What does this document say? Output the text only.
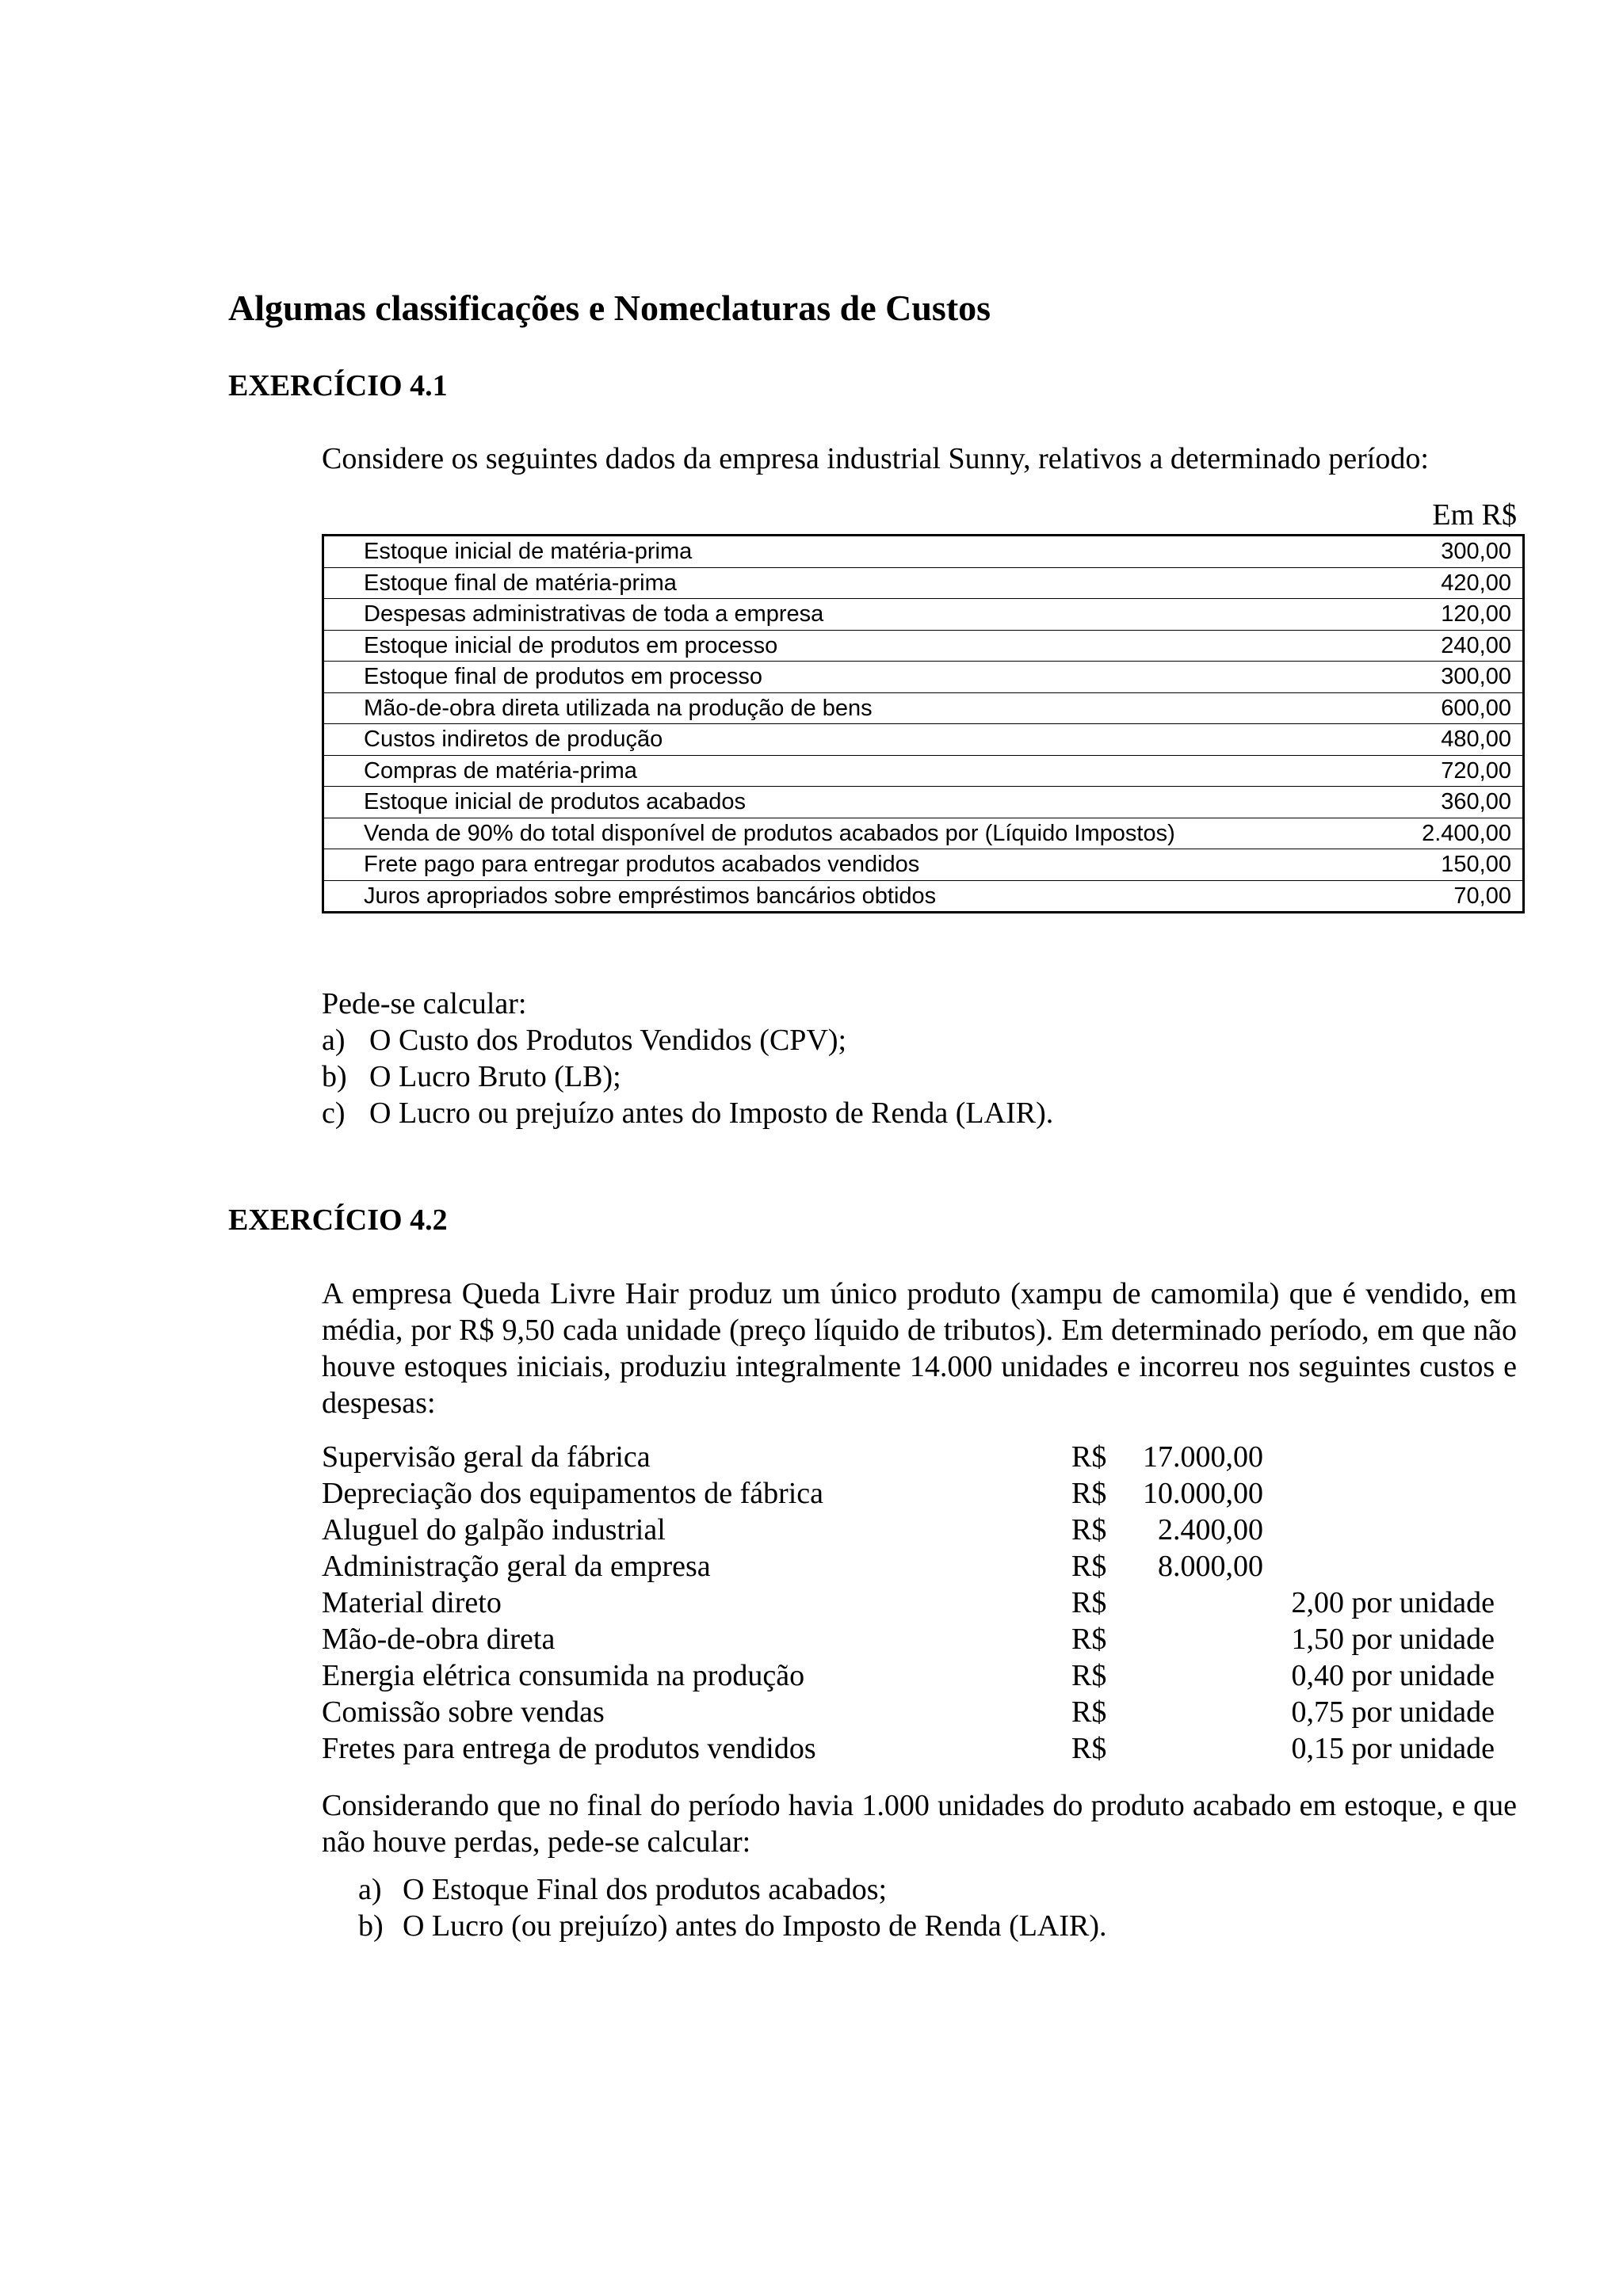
Algumas classificações e Nomeclaturas de Custos
EXERCÍCIO 4.1
Considere os seguintes dados da empresa industrial Sunny, relativos a determinado período:
Em R$
Estoque inicial de matéria-prima	300,00
Estoque final de matéria-prima	420,00
Despesas administrativas de toda a empresa	120,00
Estoque inicial de produtos em processo	240,00
Estoque final de produtos em processo	300,00
Mão-de-obra direta utilizada na produção de bens	600,00
Custos indiretos de produção	480,00
Compras de matéria-prima	720,00
Estoque inicial de produtos acabados	360,00
Venda de 90% do total disponível de produtos acabados por (Líquido Impostos)	2.400,00
Frete pago para entregar produtos acabados vendidos	150,00
Juros apropriados sobre empréstimos bancários obtidos	70,00
Pede-se calcular:
a) O Custo dos Produtos Vendidos (CPV);
b) O Lucro Bruto (LB);
c) O Lucro ou prejuízo antes do Imposto de Renda (LAIR).
EXERCÍCIO 4.2
A empresa Queda Livre Hair produz um único produto (xampu de camomila) que é vendido, em média, por R$ 9,50 cada unidade (preço líquido de tributos). Em determinado período, em que não houve estoques iniciais, produziu integralmente 14.000 unidades e incorreu nos seguintes custos e despesas:
Supervisão geral da fábrica	R$	17.000,00
Depreciação dos equipamentos de fábrica	R$	10.000,00
Aluguel do galpão industrial	R$	2.400,00
Administração geral da empresa	R$	8.000,00
Material direto	R$	2,00 por unidade
Mão-de-obra direta	R$	1,50 por unidade
Energia elétrica consumida na produção	R$	0,40 por unidade
Comissão sobre vendas	R$	0,75 por unidade
Fretes para entrega de produtos vendidos	R$	0,15 por unidade
Considerando que no final do período havia 1.000 unidades do produto acabado em estoque, e que não houve perdas, pede-se calcular:
a) O Estoque Final dos produtos acabados;
b) O Lucro (ou prejuízo) antes do Imposto de Renda (LAIR).
